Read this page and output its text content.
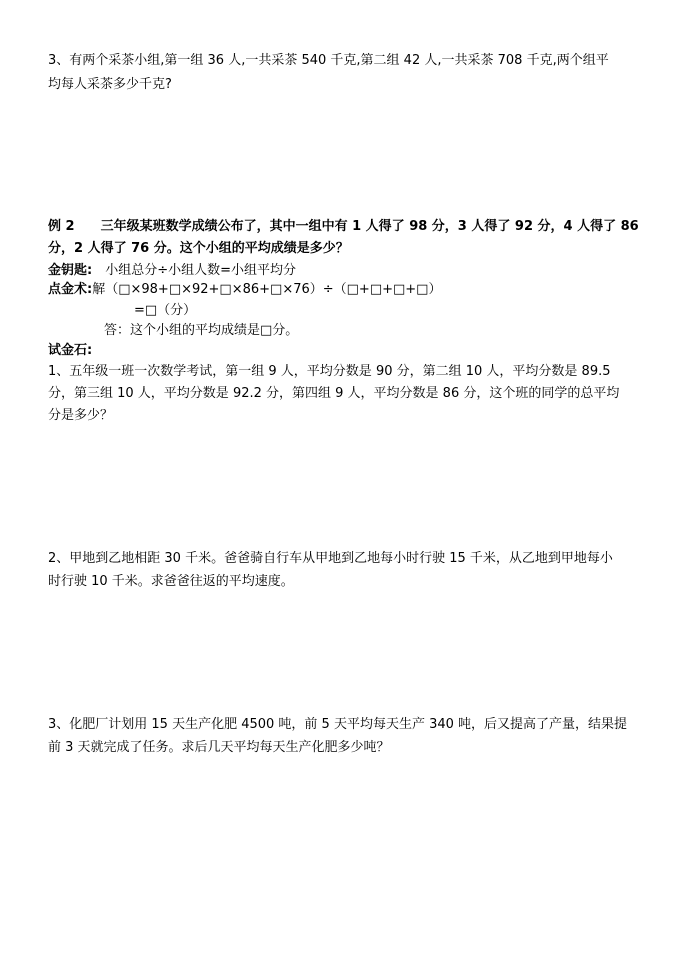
3、有两个采茶小组,第一组 36 人,一共采茶 540 千克,第二组 42 人,一共采茶 708 千克,两个组平
均每人采茶多少千克?
例 2　　三年级某班数学成绩公布了，其中一组中有 1 人得了 98 分，3 人得了 92 分，4 人得了 86
分，2 人得了 76 分。这个小组的平均成绩是多少？
金钥匙:　小组总分÷小组人数=小组平均分
点金术:解（□×98+□×92+□×86+□×76）÷（□+□+□+□）
=□（分）
答：这个小组的平均成绩是□分。
试金石:
1、五年级一班一次数学考试，第一组 9 人，平均分数是 90 分，第二组 10 人，平均分数是 89.5
分，第三组 10 人，平均分数是 92.2 分，第四组 9 人，平均分数是 86 分，这个班的同学的总平均
分是多少？
2、甲地到乙地相距 30 千米。爸爸骑自行车从甲地到乙地每小时行驶 15 千米，从乙地到甲地每小
时行驶 10 千米。求爸爸往返的平均速度。
3、化肥厂计划用 15 天生产化肥 4500 吨，前 5 天平均每天生产 340 吨，后又提高了产量，结果提
前 3 天就完成了任务。求后几天平均每天生产化肥多少吨？
